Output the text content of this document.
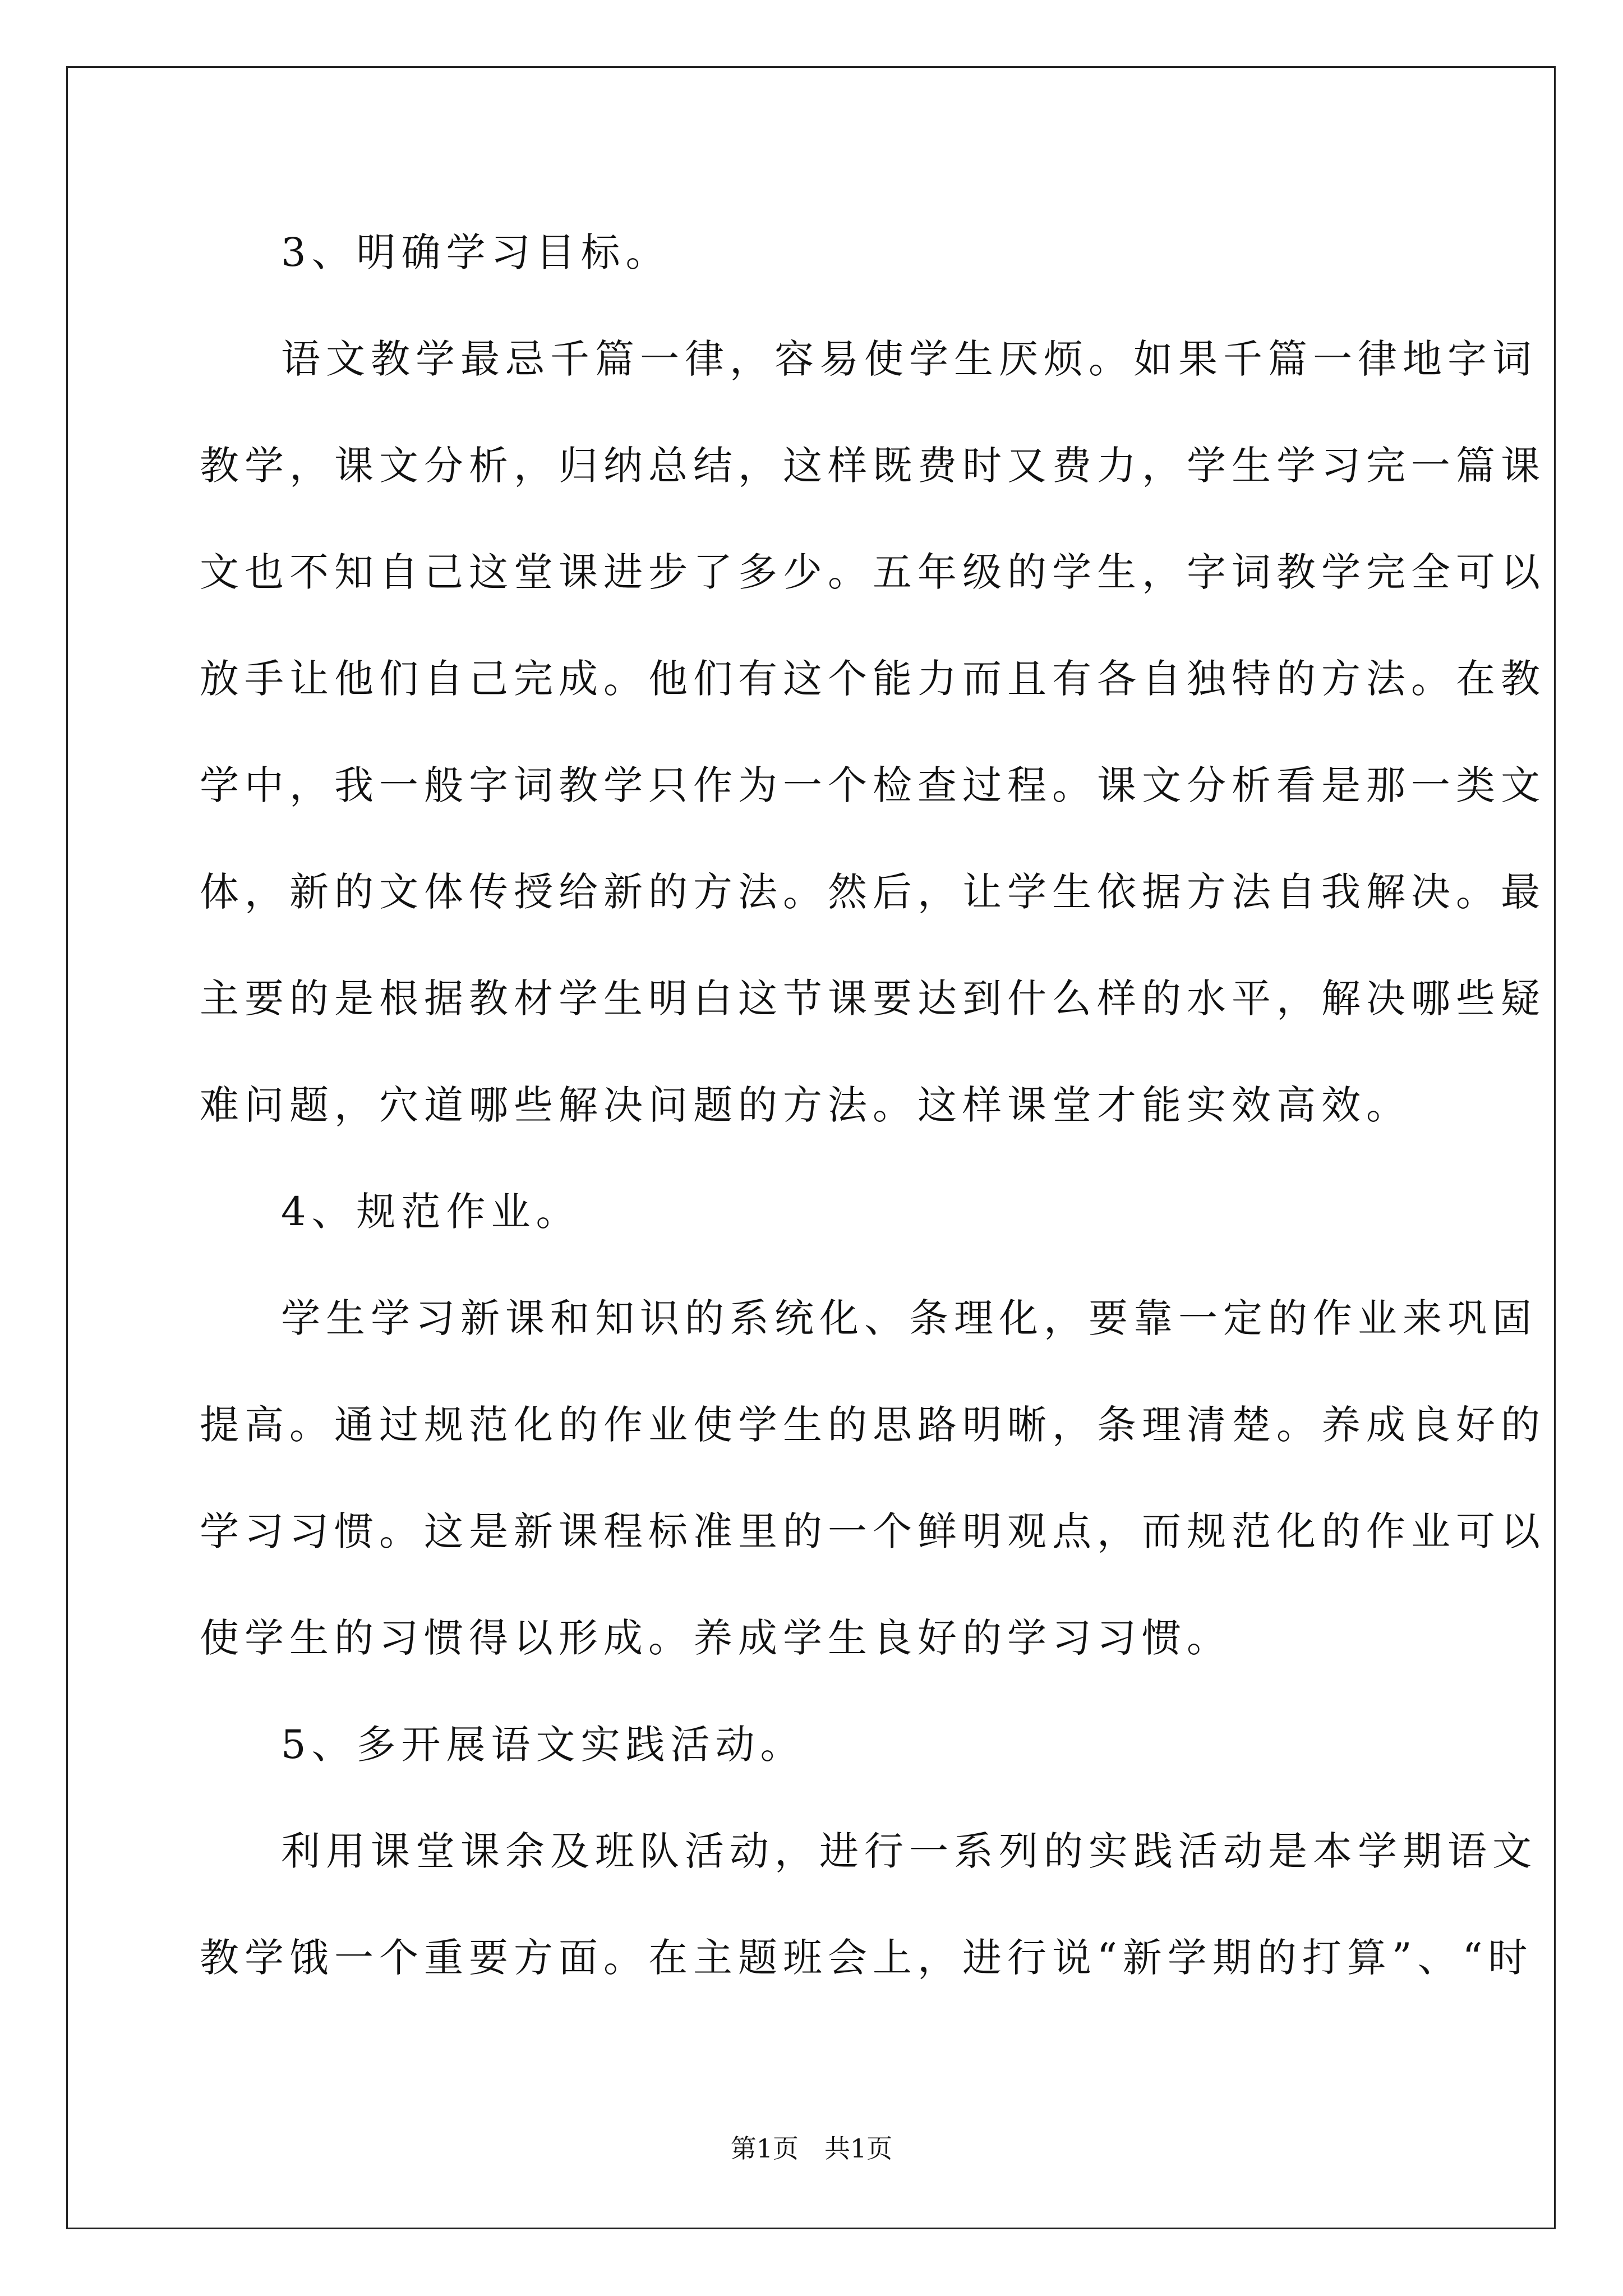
3、明确学习目标。
语文教学最忌千篇一律，容易使学生厌烦。如果千篇一律地字词
教学，课文分析，归纳总结，这样既费时又费力，学生学习完一篇课
文也不知自己这堂课进步了多少。五年级的学生，字词教学完全可以
放手让他们自己完成。他们有这个能力而且有各自独特的方法。在教
学中，我一般字词教学只作为一个检查过程。课文分析看是那一类文
体，新的文体传授给新的方法。然后，让学生依据方法自我解决。最
主要的是根据教材学生明白这节课要达到什么样的水平，解决哪些疑
难问题，穴道哪些解决问题的方法。这样课堂才能实效高效。
4、规范作业。
学生学习新课和知识的系统化、条理化，要靠一定的作业来巩固
提高。通过规范化的作业使学生的思路明晰，条理清楚。养成良好的
学习习惯。这是新课程标准里的一个鲜明观点，而规范化的作业可以
使学生的习惯得以形成。养成学生良好的学习习惯。
5、多开展语文实践活动。
利用课堂课余及班队活动，进行一系列的实践活动是本学期语文
教学饿一个重要方面。在主题班会上，进行说“新学期的打算”、“时
第1页　共1页
